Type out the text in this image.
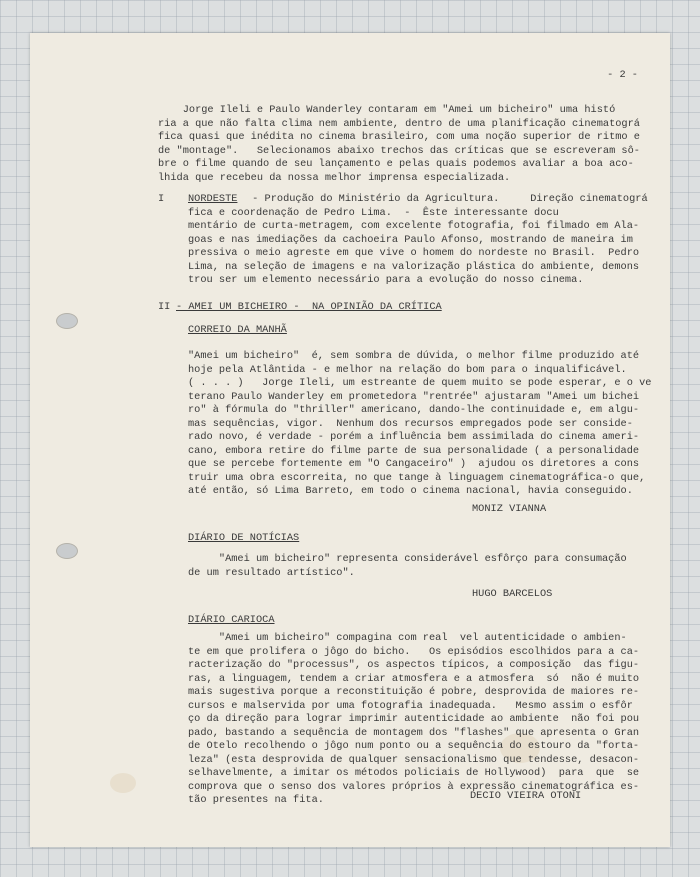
- 2 -
Jorge Ileli e Paulo Wanderley contaram em "Amei um bicheiro" uma histó
ria a que não falta clima nem ambiente, dentro de uma planificação cinematográ
fica quasi que inédita no cinema brasileiro, com uma noção superior de ritmo e
de "montage".   Selecionamos abaixo trechos das críticas que se escreveram sô-
bre o filme quando de seu lançamento e pelas quais podemos avaliar a boa aco-
lhida que recebeu da nossa melhor imprensa especializada.
I NORDESTE - Produção do Ministério da Agricultura.     Direção cinematográ
fica e coordenação de Pedro Lima.  -  Êste interessante docu
mentário de curta-metragem, com excelente fotografia, foi filmado em Ala-
goas e nas imediações da cachoeira Paulo Afonso, mostrando de maneira im
pressiva o meio agreste em que vive o homem do nordeste no Brasil.  Pedro
Lima, na seleção de imagens e na valorização plástica do ambiente, demons
trou ser um elemento necessário para a evolução do nosso cinema.
II - AMEI UM BICHEIRO -  NA OPINIÃO DA CRÍTICA
CORREIO DA MANHÃ
"Amei um bicheiro"  é, sem sombra de dúvida, o melhor filme produzido até
hoje pela Atlântida - e melhor na relação do bom para o inqualificável.
( . . . )   Jorge Ileli, um estreante de quem muito se pode esperar, e o ve
terano Paulo Wanderley em prometedora "rentrée" ajustaram "Amei um bichei
ro" à fórmula do "thriller" americano, dando-lhe continuidade e, em algu-
mas sequências, vigor.  Nenhum dos recursos empregados pode ser conside-
rado novo, é verdade - porém a influência bem assimilada do cinema ameri-
cano, embora retire do filme parte de sua personalidade ( a personalidade
que se percebe fortemente em "O Cangaceiro" )  ajudou os diretores a cons
truir uma obra escorreita, no que tange à linguagem cinematográfica-o que,
até então, só Lima Barreto, em todo o cinema nacional, havia conseguido.
MONIZ VIANNA
DIÁRIO DE NOTÍCIAS
"Amei um bicheiro" representa considerável esfôrço para consumação
de um resultado artístico".
HUGO BARCELOS
DIÁRIO CARIOCA
"Amei um bicheiro" compagina com real  vel autenticidade o ambien-
te em que prolifera o jôgo do bicho.   Os episódios escolhidos para a ca-
racterização do "processus", os aspectos típicos, a composição  das figu-
ras, a linguagem, tendem a criar atmosfera e a atmosfera  só  não é muito
mais sugestiva porque a reconstituição é pobre, desprovida de maiores re-
cursos e malservida por uma fotografia inadequada.   Mesmo assim o esfôr
ço da direção para lograr imprimir autenticidade ao ambiente  não foi pou
pado, bastando a sequência de montagem dos "flashes" que apresenta o Gran
de Otelo recolhendo o jôgo num ponto ou a sequência do estouro da "forta-
leza" (esta desprovida de qualquer sensacionalismo que tendesse, desacon-
selhavelmente, a imitar os métodos policiais de Hollywood)  para  que  se
comprova que o senso dos valores próprios à expressão cinematográfica es-
tão presentes na fita.	DECIO VIEIRA OTONI
